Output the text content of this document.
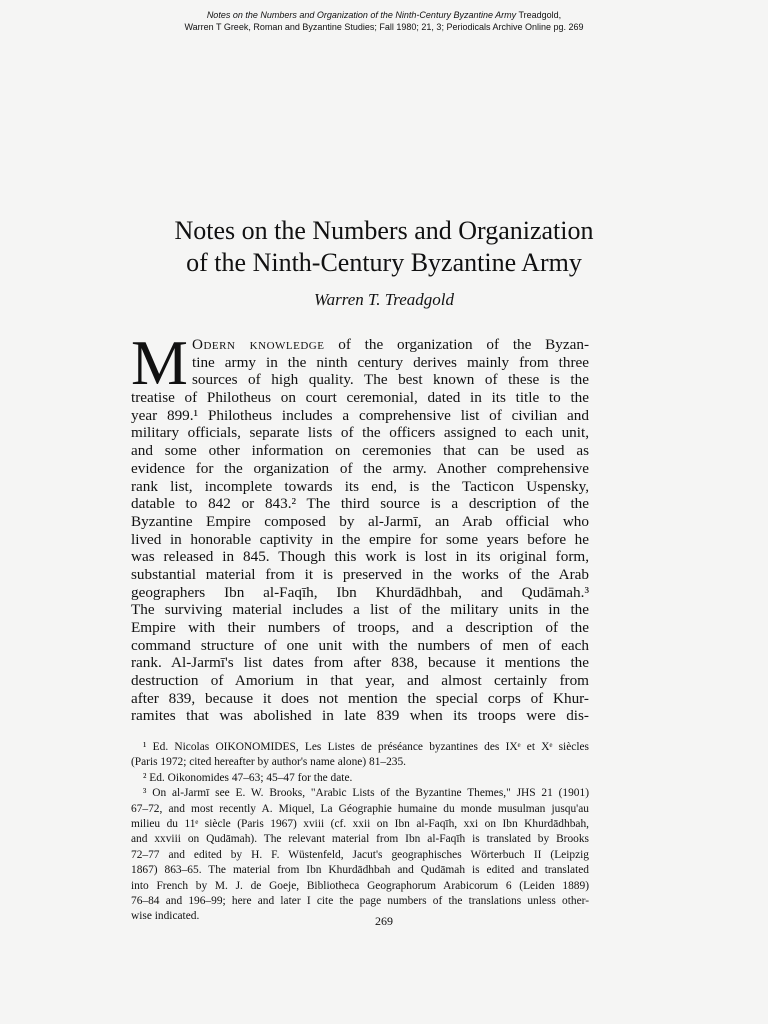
Notes on the Numbers and Organization of the Ninth-Century Byzantine Army Treadgold,
Warren T Greek, Roman and Byzantine Studies; Fall 1980; 21, 3; Periodicals Archive Online pg. 269
Notes on the Numbers and Organization
of the Ninth-Century Byzantine Army
Warren T. Treadgold
M Odern knowledge of the organization of the Byzan-
tine army in the ninth century derives mainly from three
sources of high quality. The best known of these is the
treatise of Philotheus on court ceremonial, dated in its title to the
year 899.¹ Philotheus includes a comprehensive list of civilian and
military officials, separate lists of the officers assigned to each unit,
and some other information on ceremonies that can be used as
evidence for the organization of the army. Another comprehensive
rank list, incomplete towards its end, is the Tacticon Uspensky,
datable to 842 or 843.² The third source is a description of the
Byzantine Empire composed by al-Jarmī, an Arab official who
lived in honorable captivity in the empire for some years before he
was released in 845. Though this work is lost in its original form,
substantial material from it is preserved in the works of the Arab
geographers Ibn al-Faqīh, Ibn Khurdādhbah, and Qudāmah.³
The surviving material includes a list of the military units in the
Empire with their numbers of troops, and a description of the
command structure of one unit with the numbers of men of each
rank. Al-Jarmī's list dates from after 838, because it mentions the
destruction of Amorium in that year, and almost certainly from
after 839, because it does not mention the special corps of Khur-
ramites that was abolished in late 839 when its troops were dis-
¹ Ed. Nicolas OIKONOMIDES, Les Listes de préséance byzantines des IXᵉ et Xᵉ siècles
(Paris 1972; cited hereafter by author's name alone) 81–235.
² Ed. Oikonomides 47–63; 45–47 for the date.
³ On al-Jarmī see E. W. Brooks, "Arabic Lists of the Byzantine Themes," JHS 21 (1901)
67–72, and most recently A. Miquel, La Géographie humaine du monde musulman jusqu'au
milieu du 11ᵉ siècle (Paris 1967) xviii (cf. xxii on Ibn al-Faqīh, xxi on Ibn Khurdādhbah,
and xxviii on Qudāmah). The relevant material from Ibn al-Faqīh is translated by Brooks
72–77 and edited by H. F. Wüstenfeld, Jacut's geographisches Wörterbuch II (Leipzig
1867) 863–65. The material from Ibn Khurdādhbah and Qudāmah is edited and translated
into French by M. J. de Goeje, Bibliotheca Geographorum Arabicorum 6 (Leiden 1889)
76–84 and 196–99; here and later I cite the page numbers of the translations unless other-
wise indicated.	269
